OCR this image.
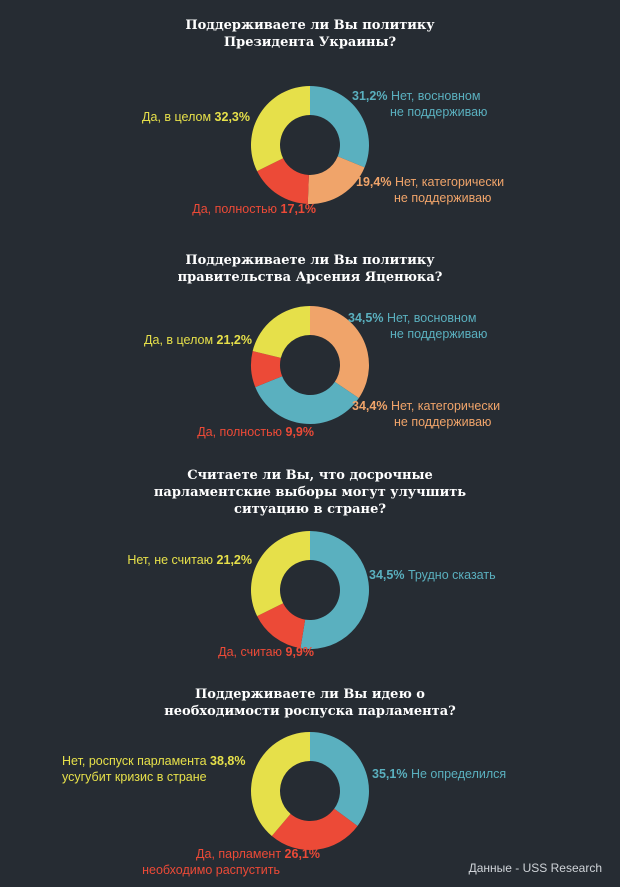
Поддерживаете ли Вы политику
Президента Украины?
31,2% Нет, восновном
не поддерживаю
19,4% Нет, категорически
не поддерживаю
Да, полностью 17,1%
Да, в целом 32,3%
Поддерживаете ли Вы политику
правительства Арсения Яценюка?
34,5% Нет, восновном
не поддерживаю
34,4% Нет, категорически
не поддерживаю
Да, полностью 9,9%
Да, в целом 21,2%
Считаете ли Вы, что досрочные
парламентские выборы могут улучшить
ситуацию в стране?
34,5% Трудно сказать
Да, считаю 9,9%
Нет, не считаю 21,2%
Поддерживаете ли Вы идею о
необходимости роспуска парламента?
35,1% Не определился
Да, парламент 26,1%
необходимо распустить
Нет, роспуск парламента 38,8%
усугубит кризис в стране
Данные - USS Research
